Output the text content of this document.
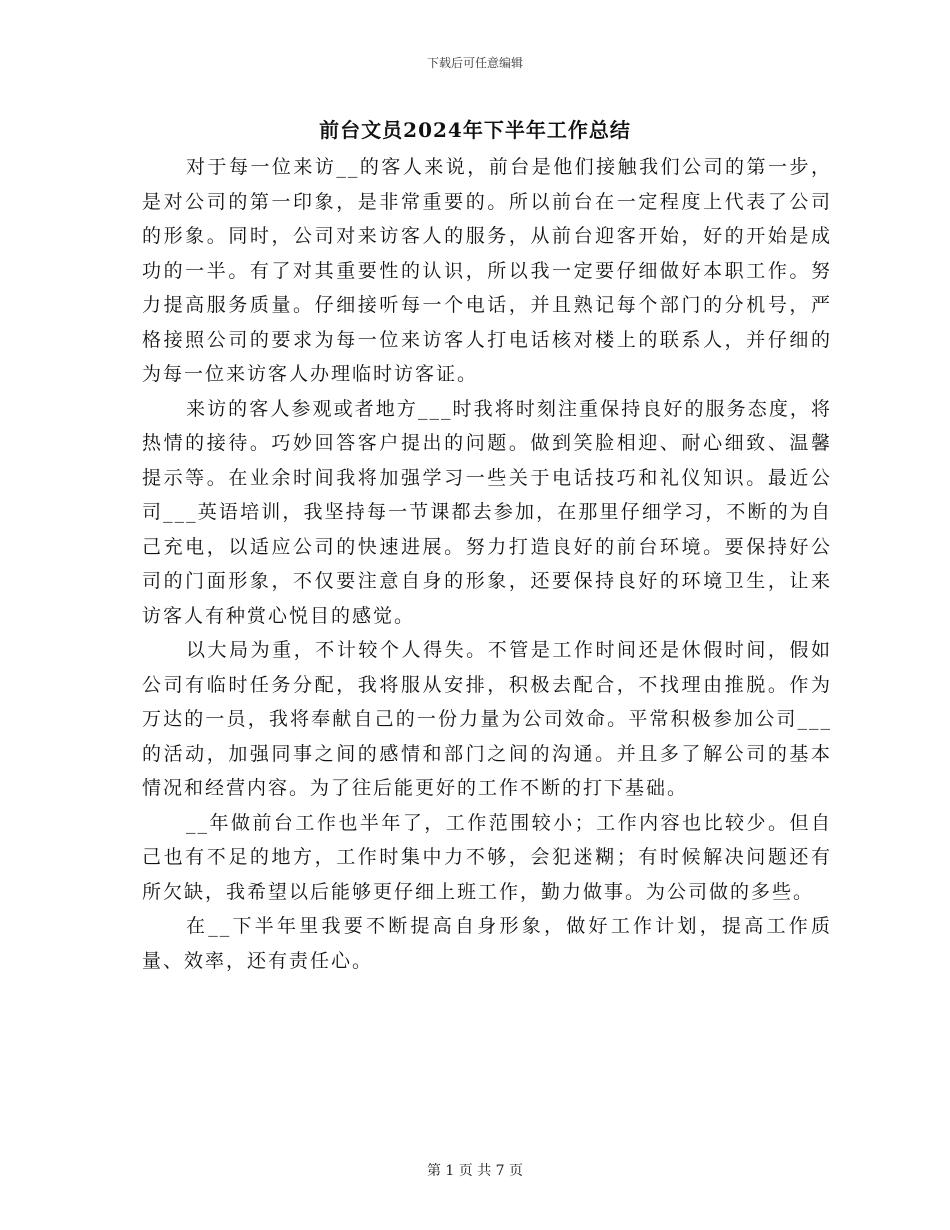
下载后可任意编辑
前台文员2024年下半年工作总结

对于每一位来访__的客人来说，前台是他们接触我们公司的第一步，是对公司的第一印象，是非常重要的。所以前台在一定程度上代表了公司的形象。同时，公司对来访客人的服务，从前台迎客开始，好的开始是成功的一半。有了对其重要性的认识，所以我一定要仔细做好本职工作。努力提高服务质量。仔细接听每一个电话，并且熟记每个部门的分机号，严格接照公司的要求为每一位来访客人打电话核对楼上的联系人，并仔细的为每一位来访客人办理临时访客证。

来访的客人参观或者地方___时我将时刻注重保持良好的服务态度，将热情的接待。巧妙回答客户提出的问题。做到笑脸相迎、耐心细致、温馨提示等。在业余时间我将加强学习一些关于电话技巧和礼仪知识。最近公司___英语培训，我坚持每一节课都去参加，在那里仔细学习，不断的为自己充电，以适应公司的快速进展。努力打造良好的前台环境。要保持好公司的门面形象，不仅要注意自身的形象，还要保持良好的环境卫生，让来访客人有种赏心悦目的感觉。

以大局为重，不计较个人得失。不管是工作时间还是休假时间，假如公司有临时任务分配，我将服从安排，积极去配合，不找理由推脱。作为万达的一员，我将奉献自己的一份力量为公司效命。平常积极参加公司___的活动，加强同事之间的感情和部门之间的沟通。并且多了解公司的基本情况和经营内容。为了往后能更好的工作不断的打下基础。

__年做前台工作也半年了，工作范围较小；工作内容也比较少。但自己也有不足的地方，工作时集中力不够，会犯迷糊；有时候解决问题还有所欠缺，我希望以后能够更仔细上班工作，勤力做事。为公司做的多些。

在__下半年里我要不断提高自身形象，做好工作计划，提高工作质量、效率，还有责任心。

第 1 页 共 7 页
